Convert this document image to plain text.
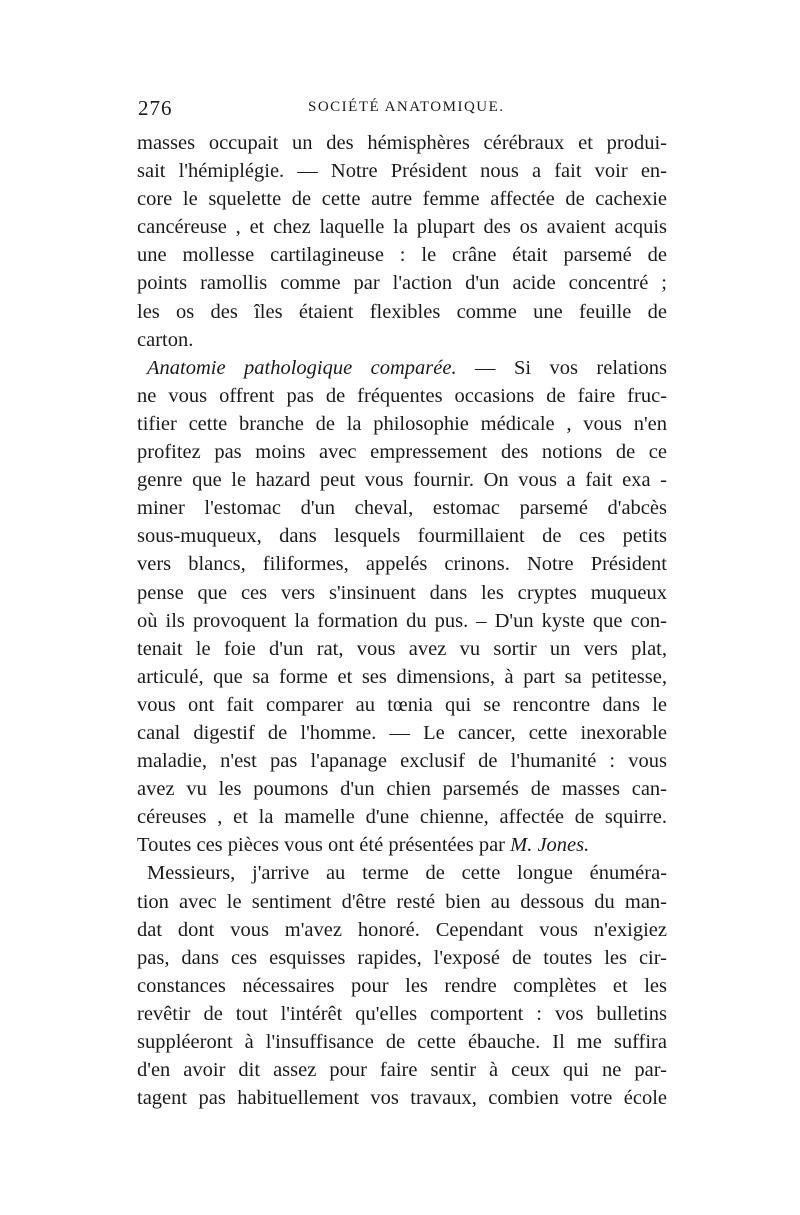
276	SOCIÉTÉ ANATOMIQUE.
masses occupait un des hémisphères cérébraux et produi-
sait l'hémiplégie. — Notre Président nous a fait voir en-
core le squelette de cette autre femme affectée de cachexie
cancéreuse , et chez laquelle la plupart des os avaient acquis
une mollesse cartilagineuse : le crâne était parsemé de
points ramollis comme par l'action d'un acide concentré ;
les os des îles étaient flexibles comme une feuille de
carton.
Anatomie pathologique comparée. — Si vos relations
ne vous offrent pas de fréquentes occasions de faire fruc-
tifier cette branche de la philosophie médicale , vous n'en
profitez pas moins avec empressement des notions de ce
genre que le hazard peut vous fournir. On vous a fait exa -
miner l'estomac d'un cheval, estomac parsemé d'abcès
sous-muqueux, dans lesquels fourmillaient de ces petits
vers blancs, filiformes, appelés crinons. Notre Président
pense que ces vers s'insinuent dans les cryptes muqueux
où ils provoquent la formation du pus. – D'un kyste que con-
tenait le foie d'un rat, vous avez vu sortir un vers plat,
articulé, que sa forme et ses dimensions, à part sa petitesse,
vous ont fait comparer au tœnia qui se rencontre dans le
canal digestif de l'homme. — Le cancer, cette inexorable
maladie, n'est pas l'apanage exclusif de l'humanité : vous
avez vu les poumons d'un chien parsemés de masses can-
céreuses , et la mamelle d'une chienne, affectée de squirre.
Toutes ces pièces vous ont été présentées par M. Jones.
Messieurs, j'arrive au terme de cette longue énuméra-
tion avec le sentiment d'être resté bien au dessous du man-
dat dont vous m'avez honoré. Cependant vous n'exigiez
pas, dans ces esquisses rapides, l'exposé de toutes les cir-
constances nécessaires pour les rendre complètes et les
revêtir de tout l'intérêt qu'elles comportent : vos bulletins
suppléeront à l'insuffisance de cette ébauche. Il me suffira
d'en avoir dit assez pour faire sentir à ceux qui ne par-
tagent pas habituellement vos travaux, combien votre école
